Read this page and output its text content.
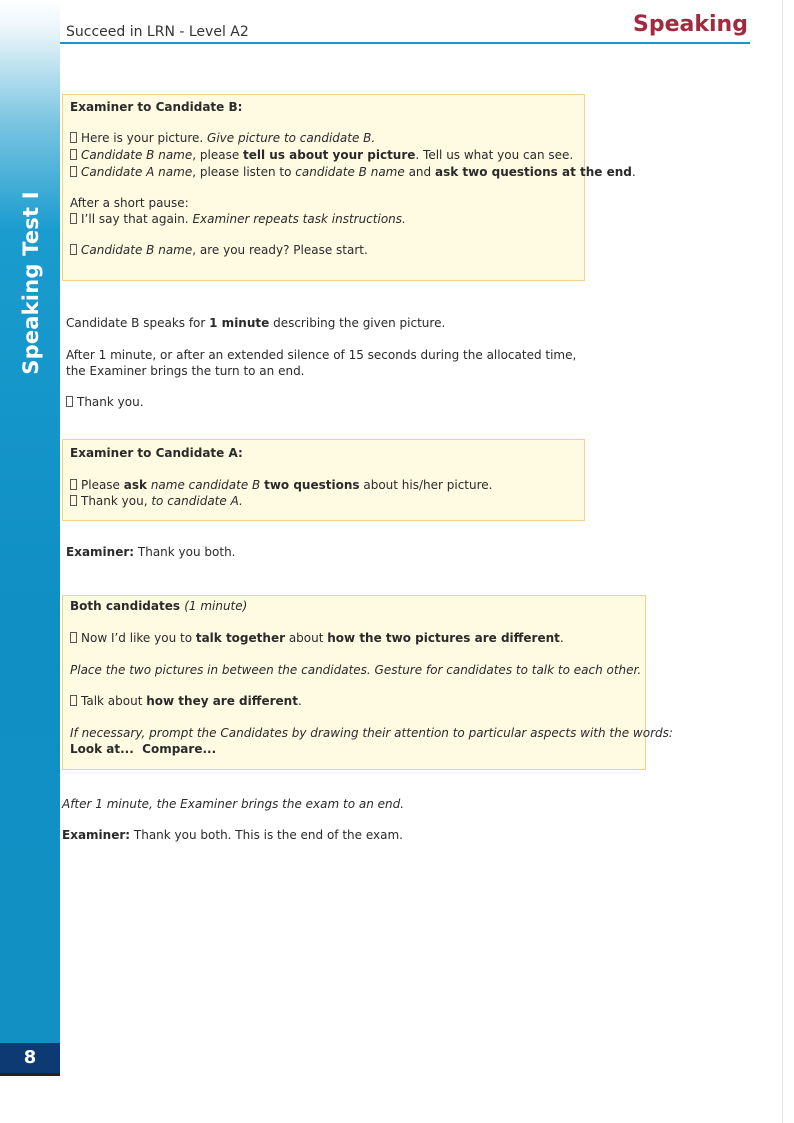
Speaking Test I
8
Succeed in LRN - Level A2	Speaking
Examiner to Candidate B:
Here is your picture. Give picture to candidate B.
Candidate B name, please tell us about your picture. Tell us what you can see.
Candidate A name, please listen to candidate B name and ask two questions at the end.
After a short pause:
I’ll say that again. Examiner repeats task instructions.
Candidate B name, are you ready? Please start.
Candidate B speaks for 1 minute describing the given picture.
After 1 minute, or after an extended silence of 15 seconds during the allocated time,
the Examiner brings the turn to an end.
Thank you.
Examiner to Candidate A:
Please ask name candidate B two questions about his/her picture.
Thank you, to candidate A.
Examiner: Thank you both.
Both candidates (1 minute)
Now I’d like you to talk together about how the two pictures are different.
Place the two pictures in between the candidates. Gesture for candidates to talk to each other.
Talk about how they are different.
If necessary, prompt the Candidates by drawing their attention to particular aspects with the words:
Look at...  Compare...
After 1 minute, the Examiner brings the exam to an end.
Examiner: Thank you both. This is the end of the exam.
